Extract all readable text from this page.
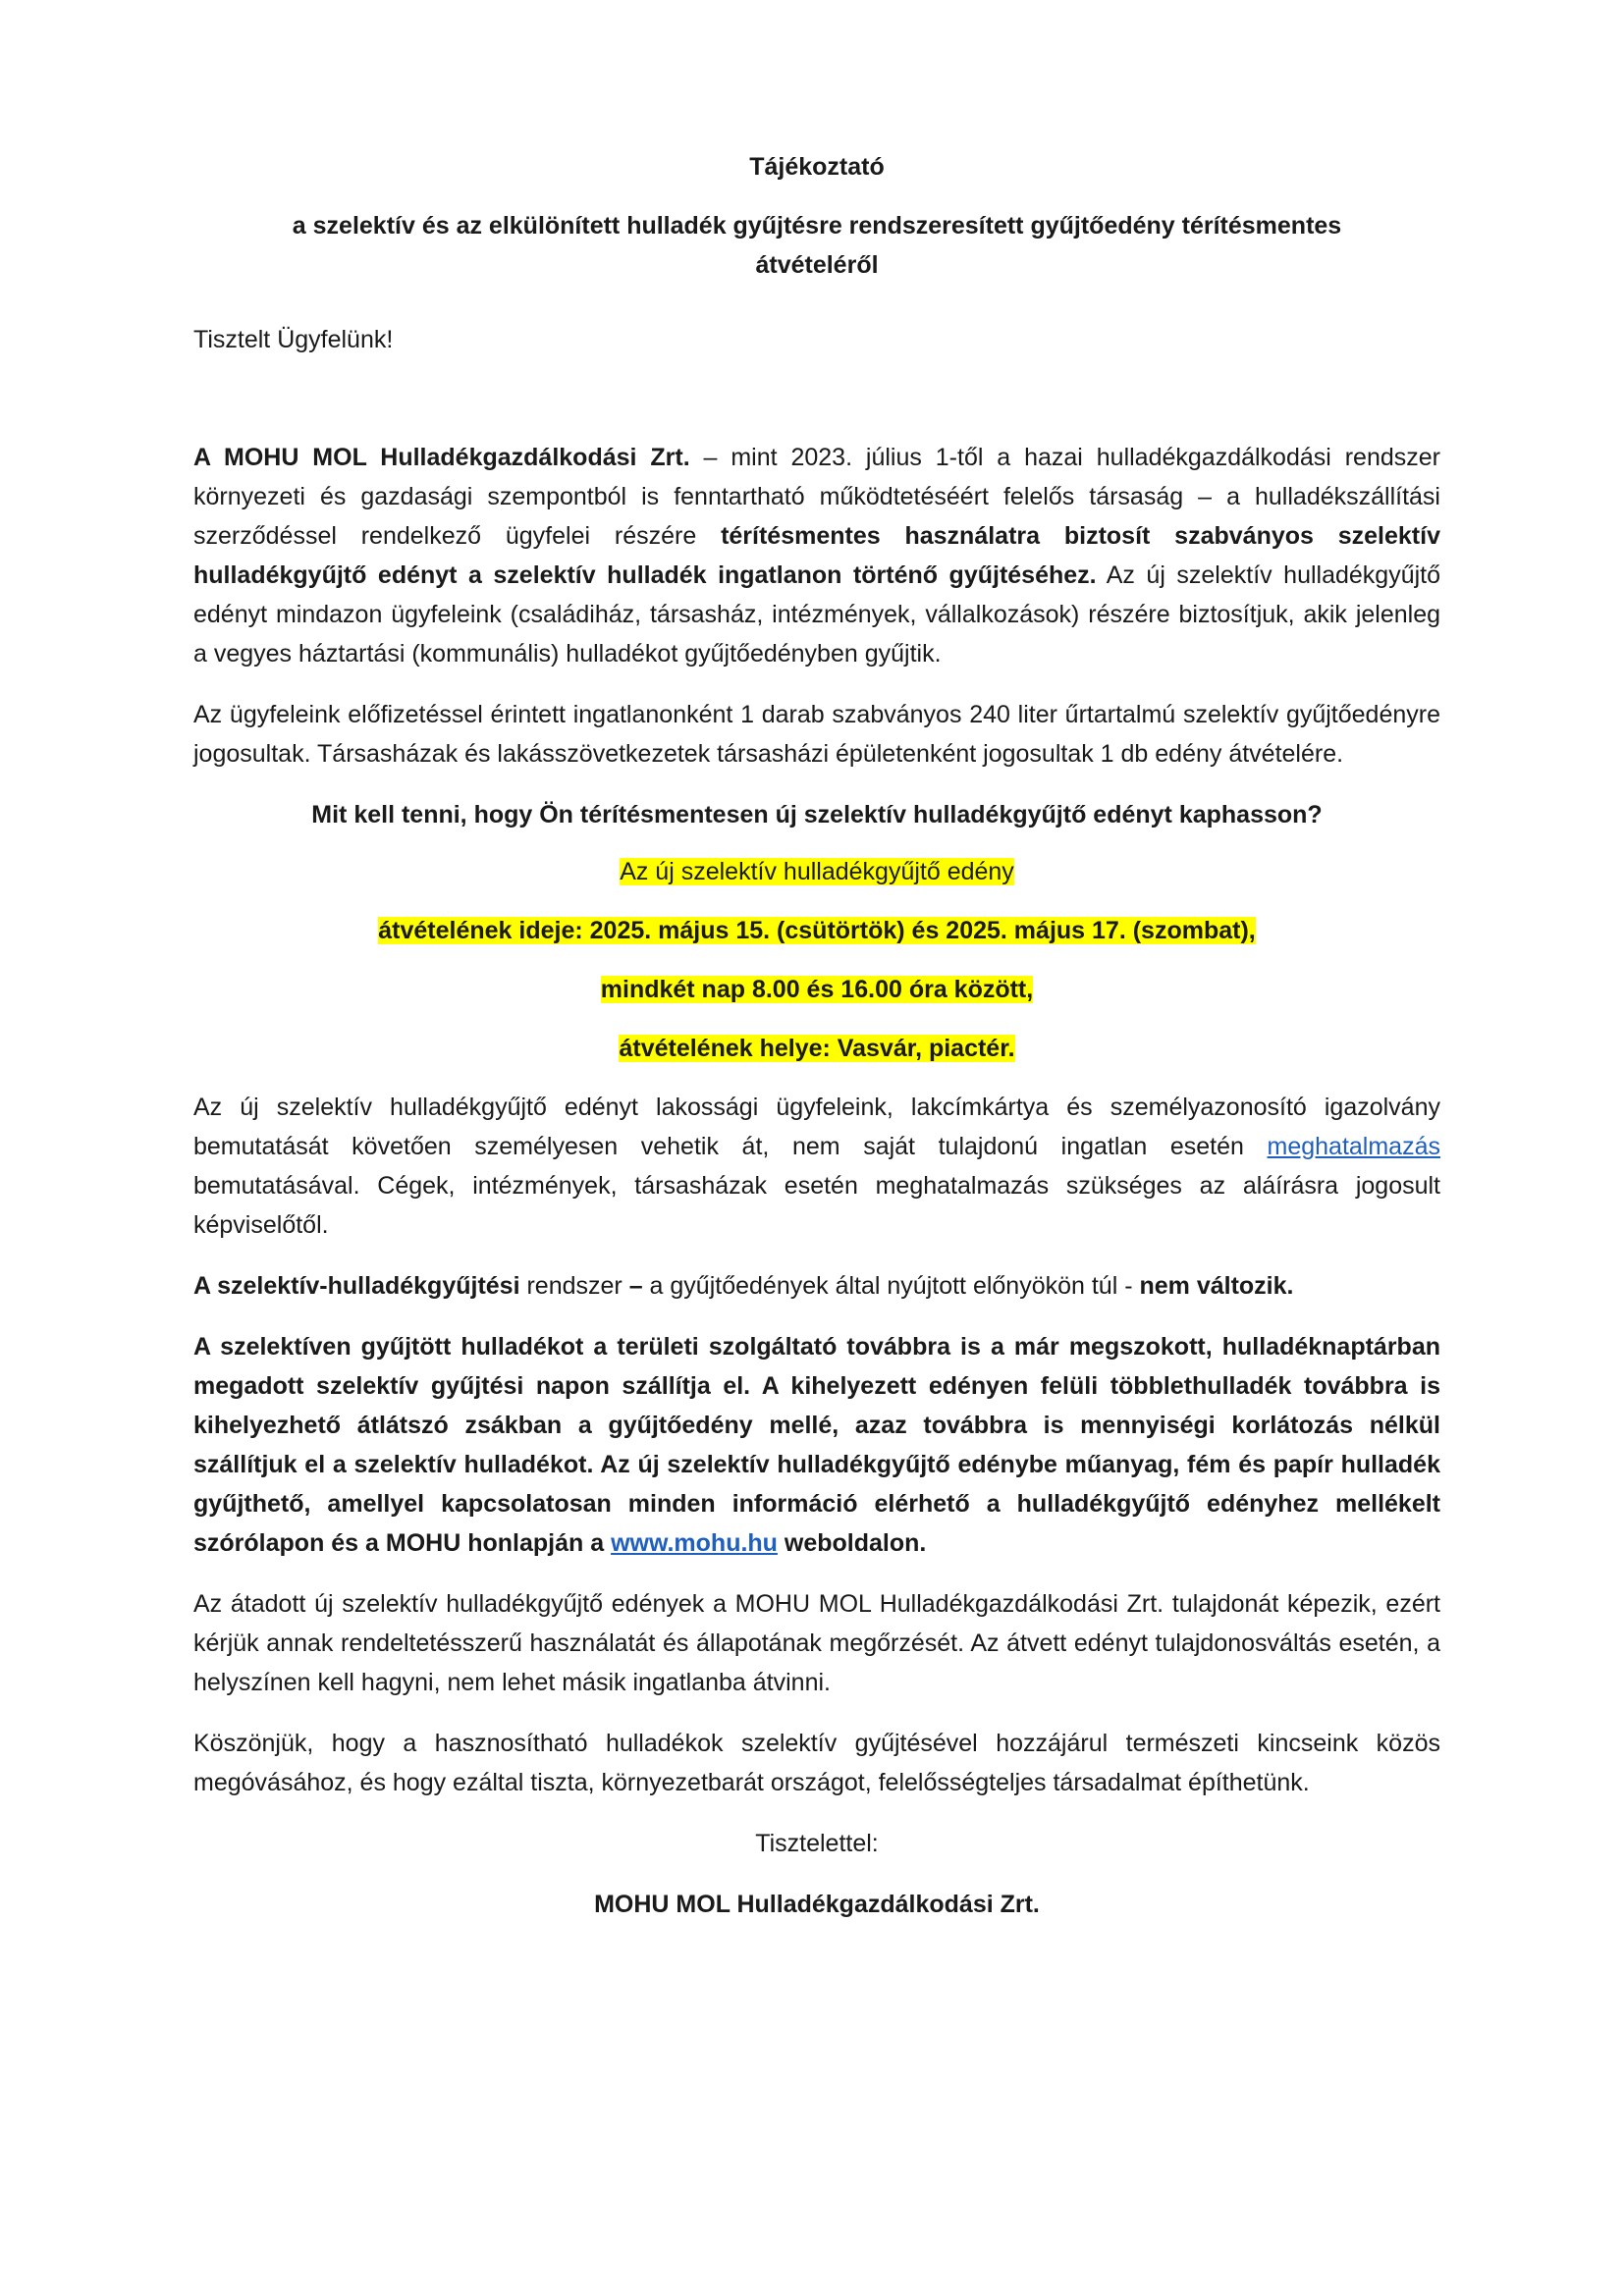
Tájékoztató
a szelektív és az elkülönített hulladék gyűjtésre rendszeresített gyűjtőedény térítésmentes
átvételéről
Tisztelt Ügyfelünk!

A MOHU MOL Hulladékgazdálkodási Zrt. – mint 2023. július 1-től a hazai hulladékgazdálkodási rendszer környezeti és gazdasági szempontból is fenntartható működtetéséért felelős társaság – a hulladékszállítási szerződéssel rendelkező ügyfelei részére térítésmentes használatra biztosít szabványos szelektív hulladékgyűjtő edényt a szelektív hulladék ingatlanon történő gyűjtéséhez. Az új szelektív hulladékgyűjtő edényt mindazon ügyfeleink (családiház, társasház, intézmények, vállalkozások) részére biztosítjuk, akik jelenleg a vegyes háztartási (kommunális) hulladékot gyűjtőedényben gyűjtik.

Az ügyfeleink előfizetéssel érintett ingatlanonként 1 darab szabványos 240 liter űrtartalmú szelektív gyűjtőedényre jogosultak. Társasházak és lakásszövetkezetek társasházi épületenként jogosultak 1 db edény átvételére.

Mit kell tenni, hogy Ön térítésmentesen új szelektív hulladékgyűjtő edényt kaphasson?
Az új szelektív hulladékgyűjtő edény
átvételének ideje: 2025. május 15. (csütörtök) és 2025. május 17. (szombat),
mindkét nap 8.00 és 16.00 óra között,
átvételének helye: Vasvár, piactér.

Az új szelektív hulladékgyűjtő edényt lakossági ügyfeleink, lakcímkártya és személyazonosító igazolvány bemutatását követően személyesen vehetik át, nem saját tulajdonú ingatlan esetén meghatalmazás bemutatásával. Cégek, intézmények, társasházak esetén meghatalmazás szükséges az aláírásra jogosult képviselőtől.

A szelektív-hulladékgyűjtési rendszer – a gyűjtőedények által nyújtott előnyökön túl - nem változik.

A szelektíven gyűjtött hulladékot a területi szolgáltató továbbra is a már megszokott, hulladéknaptárban megadott szelektív gyűjtési napon szállítja el. A kihelyezett edényen felüli többlethulladék továbbra is kihelyezhető átlátszó zsákban a gyűjtőedény mellé, azaz továbbra is mennyiségi korlátozás nélkül szállítjuk el a szelektív hulladékot. Az új szelektív hulladékgyűjtő edénybe műanyag, fém és papír hulladék gyűjthető, amellyel kapcsolatosan minden információ elérhető a hulladékgyűjtő edényhez mellékelt szórólapon és a MOHU honlapján a www.mohu.hu weboldalon.

Az átadott új szelektív hulladékgyűjtő edények a MOHU MOL Hulladékgazdálkodási Zrt. tulajdonát képezik, ezért kérjük annak rendeltetésszerű használatát és állapotának megőrzését. Az átvett edényt tulajdonosváltás esetén, a helyszínen kell hagyni, nem lehet másik ingatlanba átvinni.

Köszönjük, hogy a hasznosítható hulladékok szelektív gyűjtésével hozzájárul természeti kincseink közös megóvásához, és hogy ezáltal tiszta, környezetbarát országot, felelősségteljes társadalmat építhetünk.

Tisztelettel:
MOHU MOL Hulladékgazdálkodási Zrt.
